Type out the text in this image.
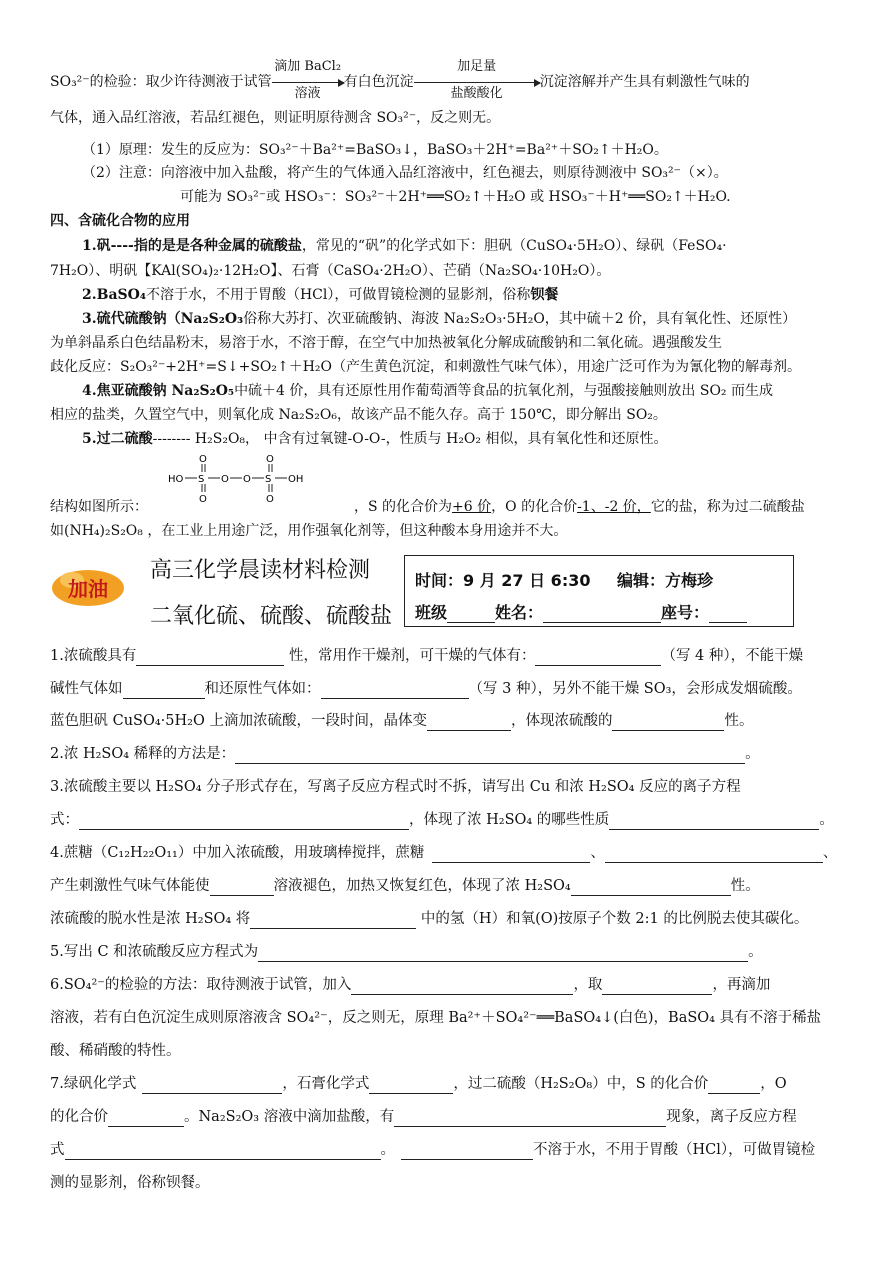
SO₃²⁻的检验：取少许待测液于试管
滴加 BaCl₂
溶液
有白色沉淀
加足量
盐酸酸化
沉淀溶解并产生具有刺激性气味的
气体，通入品红溶液，若品红褪色，则证明原待测含 SO₃²⁻，反之则无。
（1）原理：发生的反应为：SO₃²⁻＋Ba²⁺=BaSO₃↓，BaSO₃＋2H⁺=Ba²⁺＋SO₂↑＋H₂O。
（2）注意：向溶液中加入盐酸，将产生的气体通入品红溶液中，红色褪去，则原待测液中 SO₃²⁻（×）。
可能为 SO₃²⁻或 HSO₃⁻：SO₃²⁻＋2H⁺══SO₂↑＋H₂O 或 HSO₃⁻＋H⁺══SO₂↑＋H₂O.
四、含硫化合物的应用
1.矾----指的是是各种金属的硫酸盐，常见的“矾”的化学式如下：胆矾（CuSO₄·5H₂O）、绿矾（FeSO₄·
7H₂O）、明矾【KAl(SO₄)₂·12H₂O】、石膏（CaSO₄·2H₂O）、芒硝（Na₂SO₄·10H₂O）。
2.BaSO₄不溶于水，不用于胃酸（HCl），可做胃镜检测的显影剂，俗称钡餐
3.硫代硫酸钠（Na₂S₂O₃俗称大苏打、次亚硫酸钠、海波 Na₂S₂O₃·5H₂O，其中硫＋2 价，具有氧化性、还原性）
为单斜晶系白色结晶粉末，易溶于水，不溶于醇，在空气中加热被氧化分解成硫酸钠和二氧化硫。遇强酸发生
歧化反应：S₂O₃²⁻+2H⁺=S↓+SO₂↑＋H₂O（产生黄色沉淀，和刺激性气味气体），用途广泛可作为为氰化物的解毒剂。
4.焦亚硫酸钠 Na₂S₂O₅中硫＋4 价，具有还原性用作葡萄酒等食品的抗氧化剂，与强酸接触则放出 SO₂ 而生成
相应的盐类，久置空气中，则氧化成 Na₂S₂O₆，故该产品不能久存。高于 150℃，即分解出 SO₂。
5.过二硫酸-------- H₂S₂O₈， 中含有过氧键-O-O-，性质与 H₂O₂ 相似，具有氧化性和还原性。
HO S
O
O
O O S
O
O
OH
结构如图所示：	，S 的化合价为+6 价，O 的化合价-1、-2 价，它的盐，称为过二硫酸盐
如(NH₄)₂S₂O₈ ，在工业上用途广泛，用作强氧化剂等，但这种酸本身用途并不大。
加油
高三化学晨读材料检测
二氧化硫、硫酸、硫酸盐
时间：9 月 27 日 6:30 编辑：方梅珍
班级	姓名：	座号：
1.浓硫酸具有	性，常用作干燥剂，可干燥的气体有：	（写 4 种），不能干燥
碱性气体如	和还原性气体如：	（写 3 种），另外不能干燥 SO₃，会形成发烟硫酸。
蓝色胆矾 CuSO₄·5H₂O 上滴加浓硫酸，一段时间，晶体变	，体现浓硫酸的	性。
2.浓 H₂SO₄ 稀释的方法是：	。
3.浓硫酸主要以 H₂SO₄ 分子形式存在，写离子反应方程式时不拆，请写出 Cu 和浓 H₂SO₄ 反应的离子方程
式：	，体现了浓 H₂SO₄ 的哪些性质	。
4.蔗糖（C₁₂H₂₂O₁₁）中加入浓硫酸，用玻璃棒搅拌，蔗糖	、	、
产生刺激性气味气体能使	溶液褪色，加热又恢复红色，体现了浓 H₂SO₄	性。
浓硫酸的脱水性是浓 H₂SO₄ 将	中的氢（H）和氧(O)按原子个数 2:1 的比例脱去使其碳化。
5.写出 C 和浓硫酸反应方程式为	。
6.SO₄²⁻的检验的方法：取待测液于试管，加入	，取	，再滴加
溶液，若有白色沉淀生成则原溶液含 SO₄²⁻，反之则无，原理 Ba²⁺＋SO₄²⁻══BaSO₄↓(白色)，BaSO₄ 具有不溶于稀盐
酸、稀硝酸的特性。
7.绿矾化学式	，石膏化学式	，过二硫酸（H₂S₂O₈）中，S 的化合价	，O
的化合价	。Na₂S₂O₃ 溶液中滴加盐酸，有	现象，离子反应方程
式	。	不溶于水，不用于胃酸（HCl），可做胃镜检
测的显影剂，俗称钡餐。
